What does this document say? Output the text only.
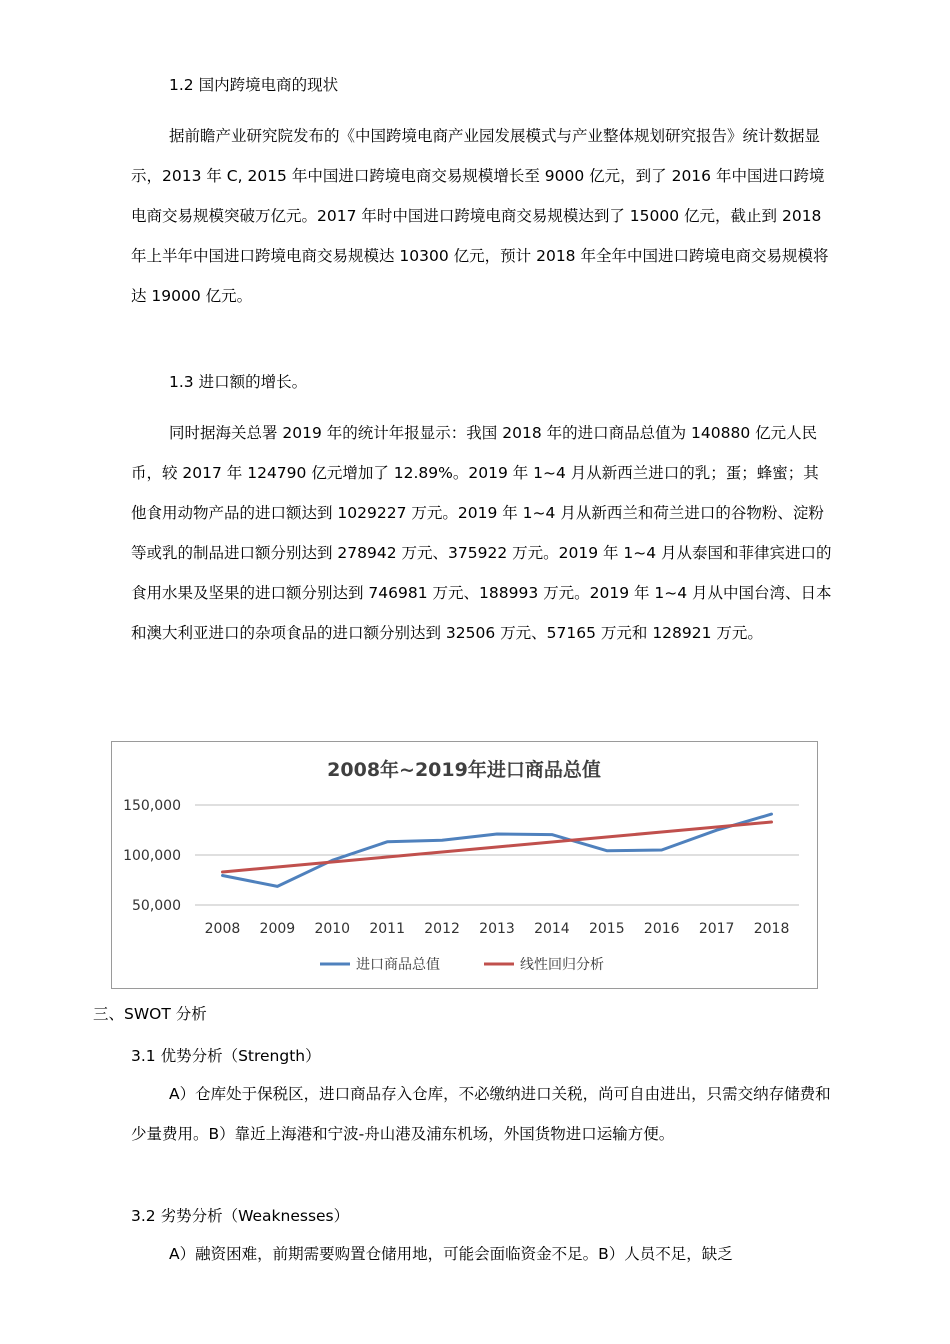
1.2 国内跨境电商的现状

据前瞻产业研究院发布的《中国跨境电商产业园发展模式与产业整体规划研究报告》统计数据显示，2013 年 C, 2015 年中国进口跨境电商交易规模增长至 9000 亿元，到了 2016 年中国进口跨境电商交易规模突破万亿元。2017 年时中国进口跨境电商交易规模达到了 15000 亿元，截止到 2018 年上半年中国进口跨境电商交易规模达 10300 亿元，预计 2018 年全年中国进口跨境电商交易规模将达 19000 亿元。

1.3 进口额的增长。

同时据海关总署 2019 年的统计年报显示：我国 2018 年的进口商品总值为 140880 亿元人民币，较 2017 年 124790 亿元增加了 12.89%。2019 年 1~4 月从新西兰进口的乳；蛋；蜂蜜；其他食用动物产品的进口额达到 1029227 万元。2019 年 1~4 月从新西兰和荷兰进口的谷物粉、淀粉等或乳的制品进口额分别达到 278942 万元、375922 万元。2019 年 1~4 月从泰国和菲律宾进口的食用水果及坚果的进口额分别达到 746981 万元、188993 万元。2019 年 1~4 月从中国台湾、日本和澳大利亚进口的杂项食品的进口额分别达到 32506 万元、57165 万元和 128921 万元。

2008年~2019年进口商品总值
150,000
100,000
50,000
2008 2009 2010 2011 2012 2013 2014 2015 2016 2017 2018
进口商品总值	线性回归分析
三、SWOT 分析
3.1 优势分析（Strength）

A）仓库处于保税区，进口商品存入仓库，不必缴纳进口关税，尚可自由进出，只需交纳存储费和少量费用。B）靠近上海港和宁波-舟山港及浦东机场，外国货物进口运输方便。

3.2 劣势分析（Weaknesses）

A）融资困难，前期需要购置仓储用地，可能会面临资金不足。B）人员不足，缺乏
